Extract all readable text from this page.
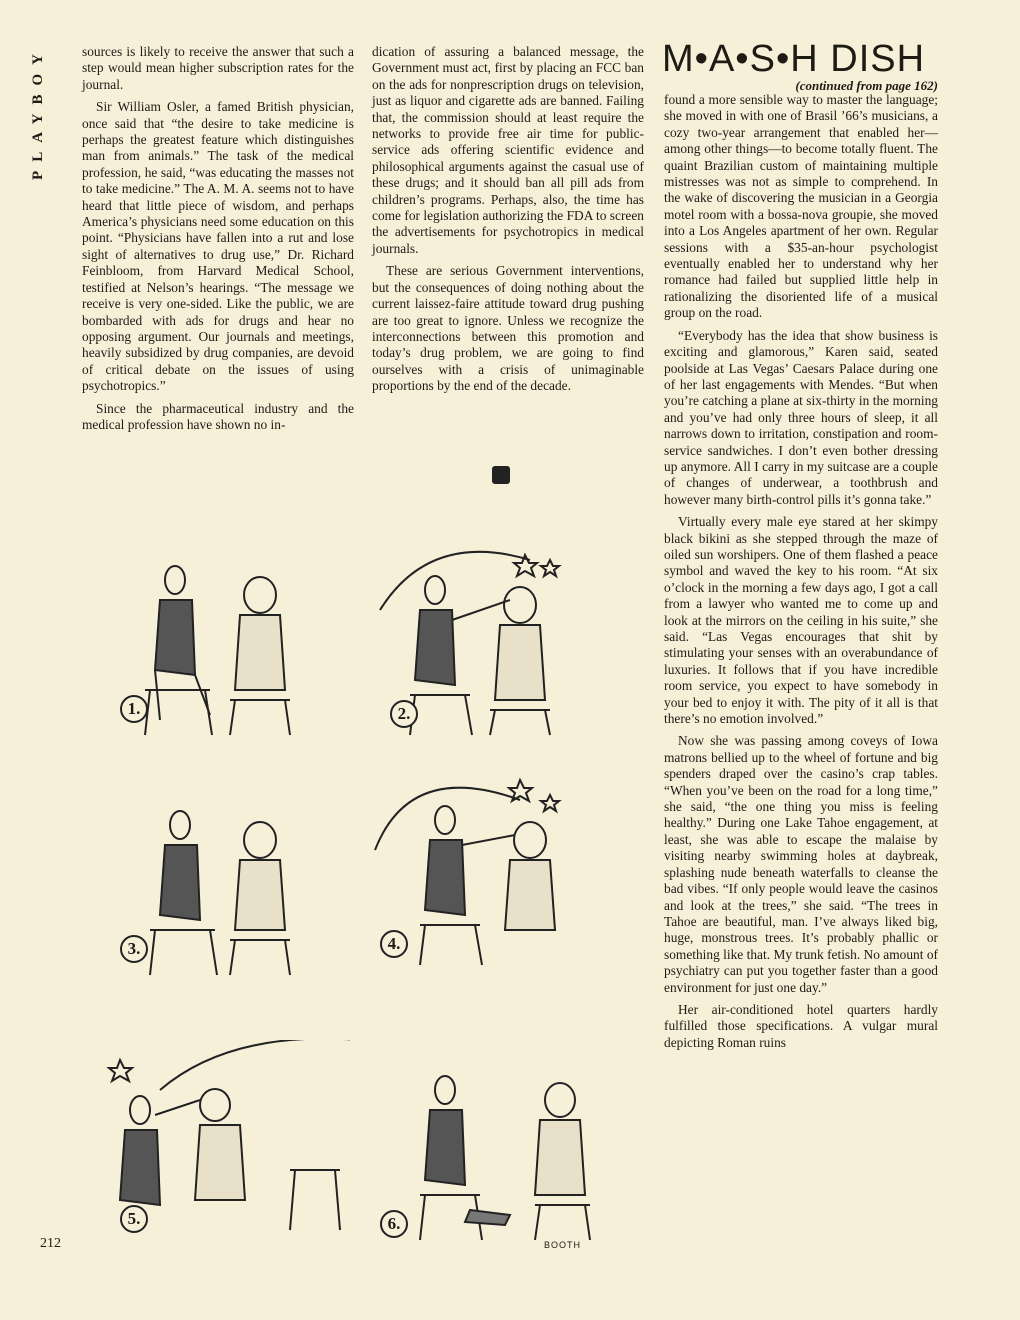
PLAYBOY	sources is likely to receive the answer that such a step would mean higher subscription rates for the journal.

Sir William Osler, a famed British physician, once said that “the desire to take medicine is perhaps the greatest feature which distinguishes man from animals.” The task of the medical profession, he said, “was educating the masses not to take medicine.” The A. M. A. seems not to have heard that little piece of wisdom, and perhaps America’s physicians need some education on this point. “Physicians have fallen into a rut and lose sight of alternatives to drug use,” Dr. Richard Feinbloom, from Harvard Medical School, testified at Nelson’s hearings. “The message we receive is very one-sided. Like the public, we are bombarded with ads for drugs and hear no opposing argument. Our journals and meetings, heavily subsidized by drug companies, are devoid of critical debate on the issues of using psychotropics.”

Since the pharmaceutical industry and the medical profession have shown no in-

dication of assuring a balanced message, the Government must act, first by placing an FCC ban on the ads for nonprescription drugs on television, just as liquor and cigarette ads are banned. Failing that, the commission should at least require the networks to provide free air time for public-service ads offering scientific evidence and philosophical arguments against the casual use of these drugs; and it should ban all pill ads from children’s programs. Perhaps, also, the time has come for legislation authorizing the FDA to screen the advertisements for psychotropics in medical journals.

These are serious Government interventions, but the consequences of doing nothing about the current laissez-faire attitude toward drug pushing are too great to ignore. Unless we recognize the interconnections between this promotion and today’s drug problem, we are going to find ourselves with a crisis of unimaginable proportions by the end of the decade.

M•A•S•H DISH
(continued from page 162)

found a more sensible way to master the language; she moved in with one of Brasil ’66’s musicians, a cozy two-year arrangement that enabled her—among other things—to become totally fluent. The quaint Brazilian custom of maintaining multiple mistresses was not as simple to comprehend. In the wake of discovering the musician in a Georgia motel room with a bossa-nova groupie, she moved into a Los Angeles apartment of her own. Regular sessions with a $35-an-hour psychologist eventually enabled her to understand why her romance had failed but supplied little help in rationalizing the disoriented life of a musical group on the road.

“Everybody has the idea that show business is exciting and glamorous,” Karen said, seated poolside at Las Vegas’ Caesars Palace during one of her last engagements with Mendes. “But when you’re catching a plane at six-thirty in the morning and you’ve had only three hours of sleep, it all narrows down to irritation, constipation and room-service sandwiches. I don’t even bother dressing up anymore. All I carry in my suitcase are a couple of changes of underwear, a toothbrush and however many birth-control pills it’s gonna take.”

Virtually every male eye stared at her skimpy black bikini as she stepped through the maze of oiled sun worshipers. One of them flashed a peace symbol and waved the key to his room. “At six o’clock in the morning a few days ago, I got a call from a lawyer who wanted me to come up and look at the mirrors on the ceiling in his suite,” she said. “Las Vegas encourages that shit by stimulating your senses with an overabundance of luxuries. It follows that if you have incredible room service, you expect to have somebody in your bed to enjoy it with. The pity of it all is that there’s no emotion involved.”

Now she was passing among coveys of Iowa matrons bellied up to the wheel of fortune and big spenders draped over the casino’s crap tables. “When you’ve been on the road for a long time,” she said, “the one thing you miss is feeling healthy.” During one Lake Tahoe engagement, at least, she was able to escape the malaise by visiting nearby swimming holes at daybreak, splashing nude beneath waterfalls to cleanse the bad vibes. “If only people would leave the casinos and look at the trees,” she said. “The trees in Tahoe are beautiful, man. I’ve always liked big, huge, monstrous trees. It’s probably phallic or something like that. My trunk fetish. No amount of psychiatry can put you together faster than a good environment for just one day.”

Her air-conditioned hotel quarters hardly fulfilled those specifications. A vulgar mural depicting Roman ruins

1.	2.
3.	4.
5.	6.
212	BOOTH
